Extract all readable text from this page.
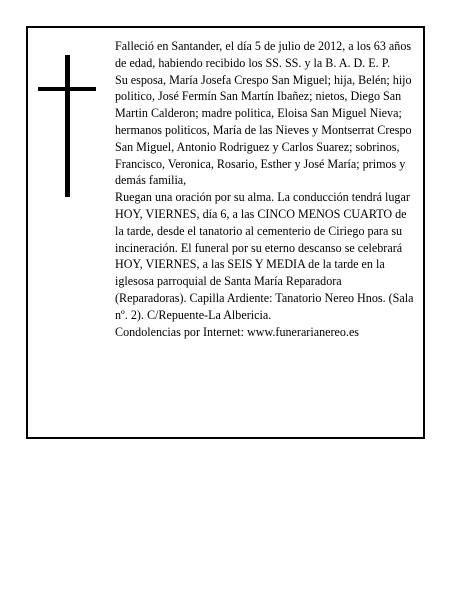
Falleció en Santander, el día 5 de julio de 2012, a los 63 años de edad, habiendo recibido los SS. SS. y la B. A. D. E. P.

Su esposa, María Josefa Crespo San Miguel; hija, Belén; hijo politico, José Fermín San Martín Ibañez; nietos, Diego San Martin Calderon; madre politica, Eloisa San Miguel Nieva; hermanos politicos, María de las Nieves y Montserrat Crespo San Miguel, Antonio Rodriguez y Carlos Suarez; sobrinos, Francisco, Veronica, Rosario, Esther y José María; primos y demás familia,

Ruegan una oración por su alma. La conducción tendrá lugar HOY, VIERNES, día 6, a las CINCO MENOS CUARTO de la tarde, desde el tanatorio al cementerio de Ciriego para su incineración. El funeral por su eterno descanso se celebrará HOY, VIERNES, a las SEIS Y MEDIA de la tarde en la iglesosa parroquial de Santa María Reparadora (Reparadoras). Capilla Ardiente: Tanatorio Nereo Hnos. (Sala nº. 2). C/Repuente-La Albericia.

Condolencias por Internet: www.funerarianereo.es
